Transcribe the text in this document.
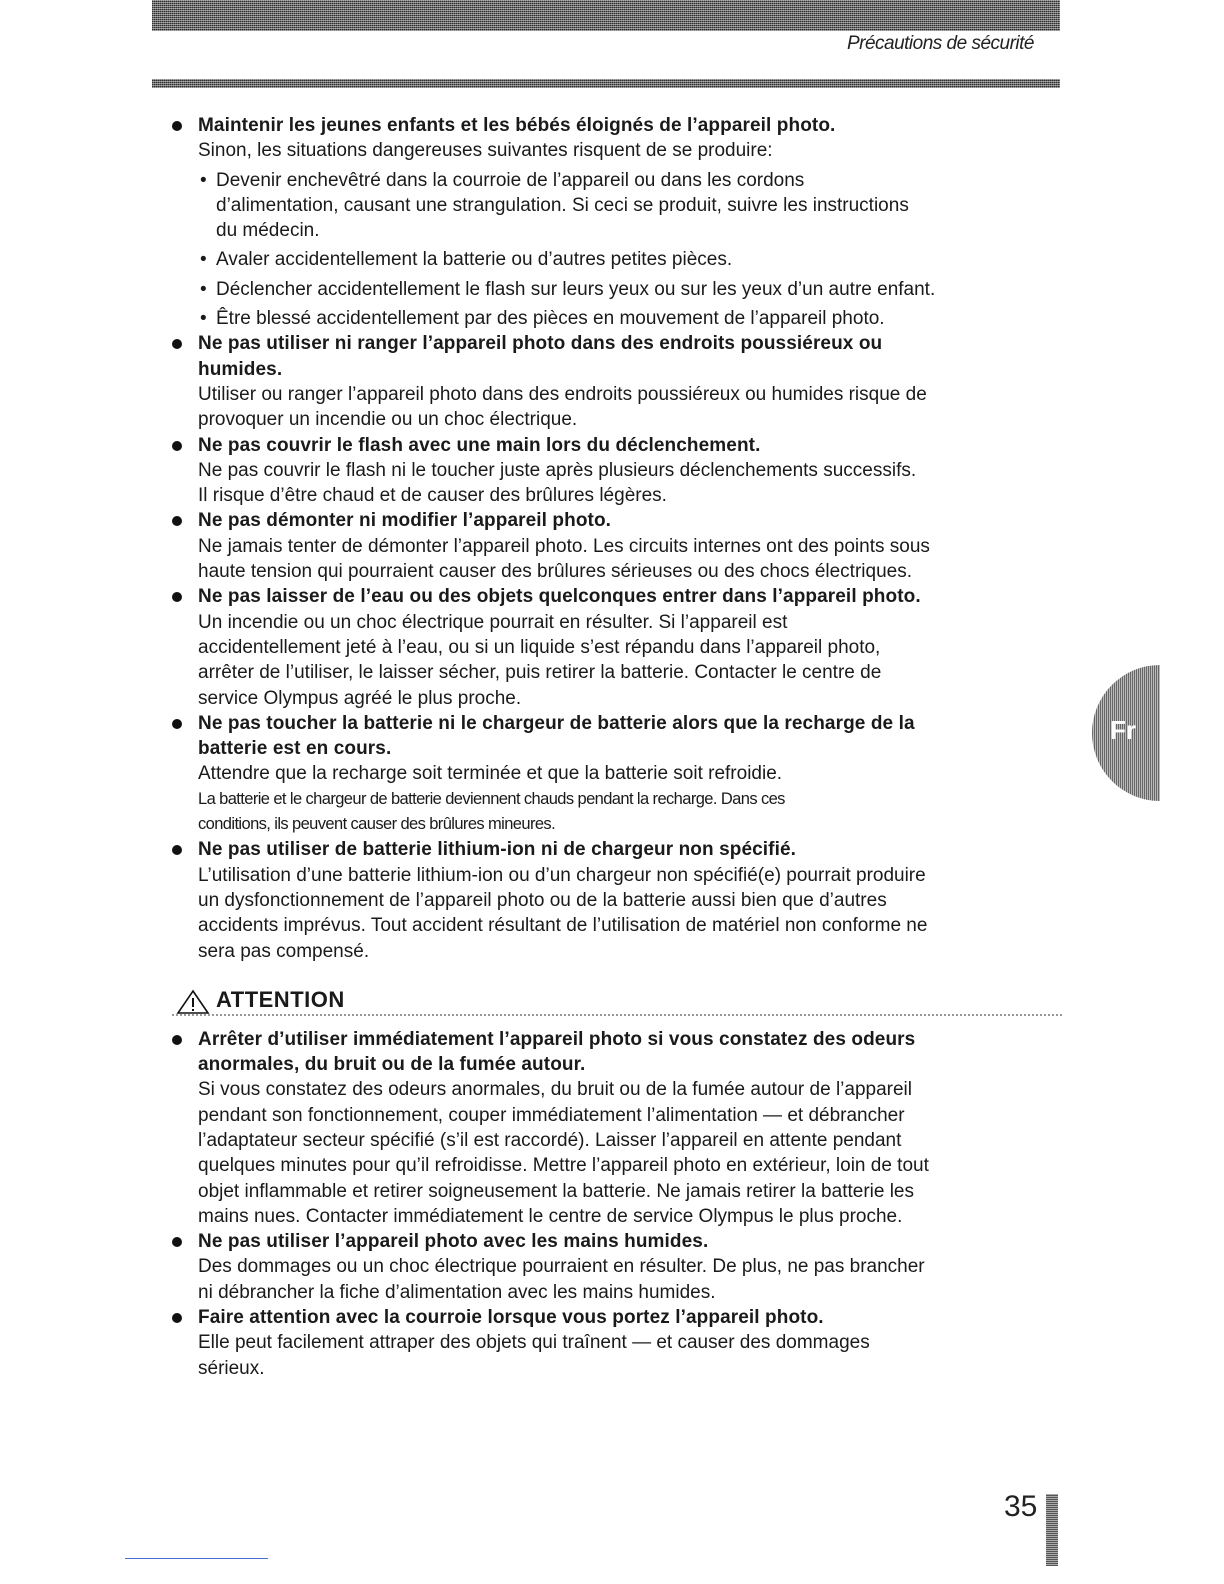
Précautions de sécurité
Maintenir les jeunes enfants et les bébés éloignés de l’appareil photo.
Sinon, les situations dangereuses suivantes risquent de se produire:
• Devenir enchevêtré dans la courroie de l’appareil ou dans les cordons
d’alimentation, causant une strangulation. Si ceci se produit, suivre les instructions
du médecin.
• Avaler accidentellement la batterie ou d’autres petites pièces.
• Déclencher accidentellement le flash sur leurs yeux ou sur les yeux d’un autre enfant.
• Être blessé accidentellement par des pièces en mouvement de l’appareil photo.
Ne pas utiliser ni ranger l’appareil photo dans des endroits poussiéreux ou
humides.
Utiliser ou ranger l’appareil photo dans des endroits poussiéreux ou humides risque de
provoquer un incendie ou un choc électrique.
Ne pas couvrir le flash avec une main lors du déclenchement.
Ne pas couvrir le flash ni le toucher juste après plusieurs déclenchements successifs.
Il risque d’être chaud et de causer des brûlures légères.
Ne pas démonter ni modifier l’appareil photo.
Ne jamais tenter de démonter l’appareil photo. Les circuits internes ont des points sous
haute tension qui pourraient causer des brûlures sérieuses ou des chocs électriques.
Ne pas laisser de l’eau ou des objets quelconques entrer dans l’appareil photo.
Un incendie ou un choc électrique pourrait en résulter. Si l’appareil est
accidentellement jeté à l’eau, ou si un liquide s’est répandu dans l’appareil photo,
arrêter de l’utiliser, le laisser sécher, puis retirer la batterie. Contacter le centre de
service Olympus agréé le plus proche.
Ne pas toucher la batterie ni le chargeur de batterie alors que la recharge de la
batterie est en cours.
Attendre que la recharge soit terminée et que la batterie soit refroidie.
La batterie et le chargeur de batterie deviennent chauds pendant la recharge. Dans ces
conditions, ils peuvent causer des brûlures mineures.
Ne pas utiliser de batterie lithium-ion ni de chargeur non spécifié.
L’utilisation d’une batterie lithium-ion ou d’un chargeur non spécifié(e) pourrait produire
un dysfonctionnement de l’appareil photo ou de la batterie aussi bien que d’autres
accidents imprévus. Tout accident résultant de l’utilisation de matériel non conforme ne
sera pas compensé.
ATTENTION
Arrêter d’utiliser immédiatement l’appareil photo si vous constatez des odeurs
anormales, du bruit ou de la fumée autour.
Si vous constatez des odeurs anormales, du bruit ou de la fumée autour de l’appareil
pendant son fonctionnement, couper immédiatement l’alimentation — et débrancher
l’adaptateur secteur spécifié (s’il est raccordé). Laisser l’appareil en attente pendant
quelques minutes pour qu’il refroidisse. Mettre l’appareil photo en extérieur, loin de tout
objet inflammable et retirer soigneusement la batterie. Ne jamais retirer la batterie les
mains nues. Contacter immédiatement le centre de service Olympus le plus proche.
Ne pas utiliser l’appareil photo avec les mains humides.
Des dommages ou un choc électrique pourraient en résulter. De plus, ne pas brancher
ni débrancher la fiche d’alimentation avec les mains humides.
Faire attention avec la courroie lorsque vous portez l’appareil photo.
Elle peut facilement attraper des objets qui traînent — et causer des dommages
sérieux.
Fr
35
